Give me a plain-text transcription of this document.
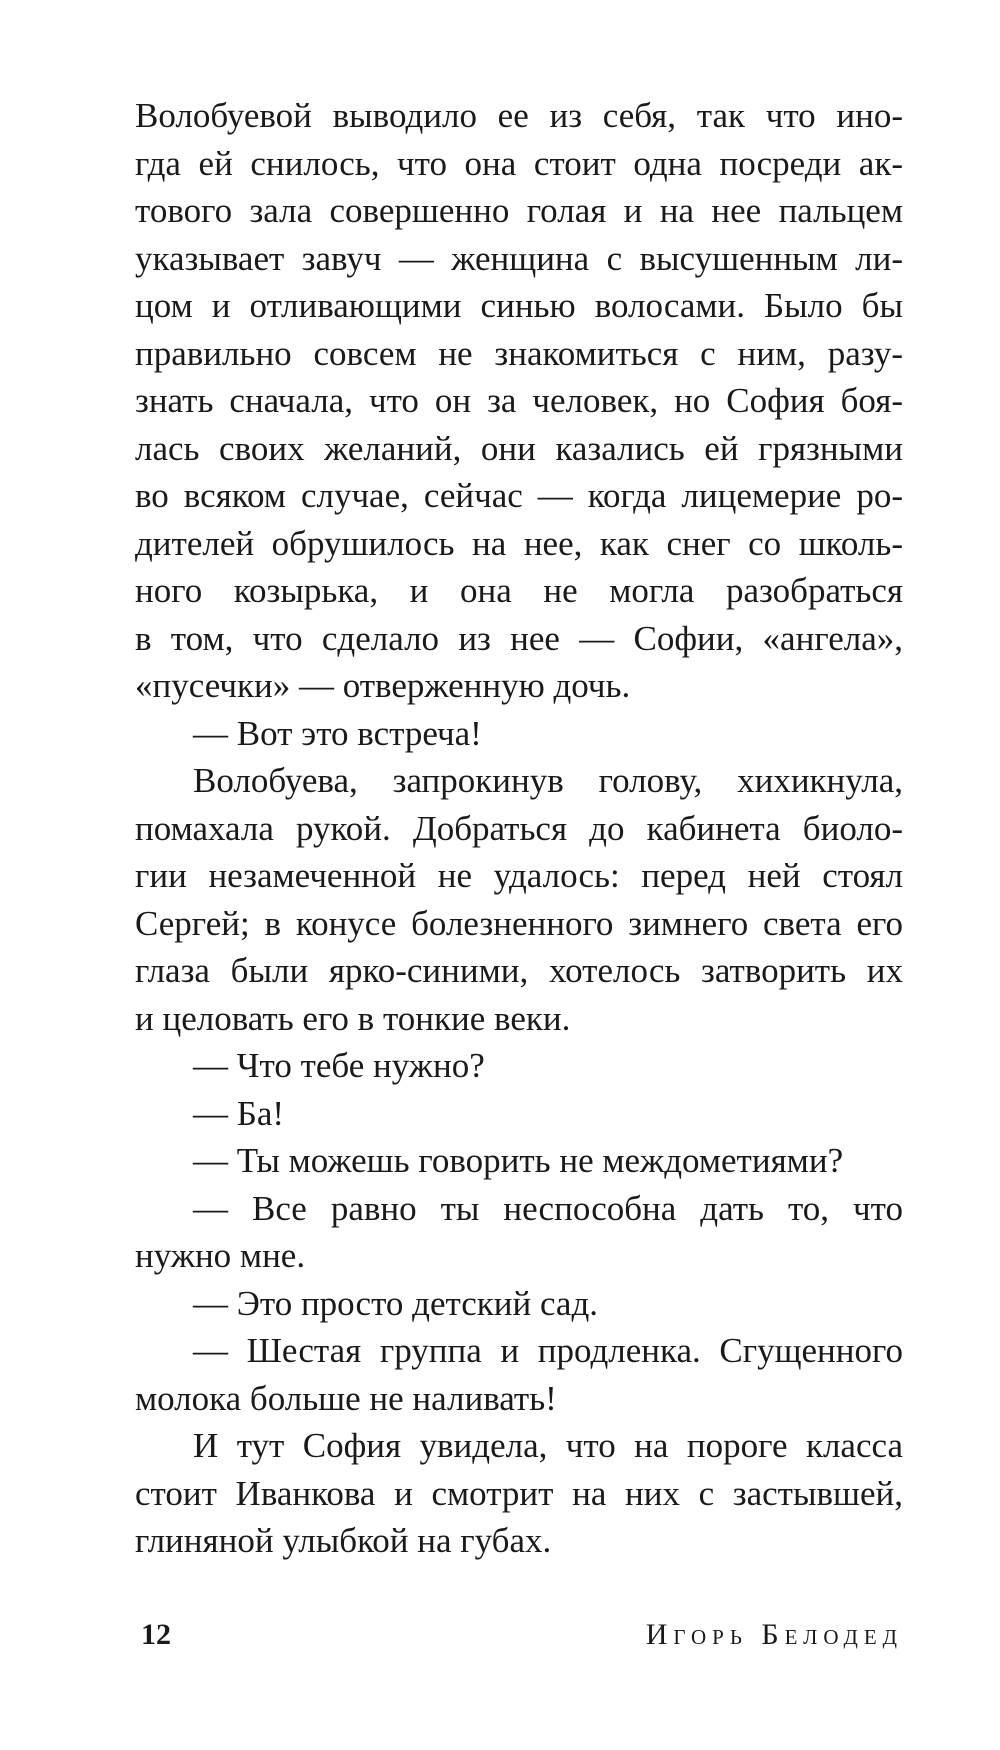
Волобуевой выводило ее из себя, так что ино-
гда ей снилось, что она стоит одна посреди ак-
тового зала совершенно голая и на нее пальцем
указывает завуч — женщина с высушенным ли-
цом и отливающими синью волосами. Было бы
правильно совсем не знакомиться с ним, разу-
знать сначала, что он за человек, но София боя-
лась своих желаний, они казались ей грязными
во всяком случае, сейчас — когда лицемерие ро-
дителей обрушилось на нее, как снег со школь-
ного козырька, и она не могла разобраться
в том, что сделало из нее — Софии, «ангела»,
«пусечки» — отверженную дочь.
— Вот это встреча!
Волобуева, запрокинув голову, хихикнула,
помахала рукой. Добраться до кабинета биоло-
гии незамеченной не удалось: перед ней стоял
Сергей; в конусе болезненного зимнего света его
глаза были ярко-синими, хотелось затворить их
и целовать его в тонкие веки.
— Что тебе нужно?
— Ба!
— Ты можешь говорить не междометиями?
— Все равно ты неспособна дать то, что
нужно мне.
— Это просто детский сад.
— Шестая группа и продленка. Сгущенного
молока больше не наливать!
И тут София увидела, что на пороге класса
стоит Иванкова и смотрит на них с застывшей,
глиняной улыбкой на губах.
12	Игорь Белодед
